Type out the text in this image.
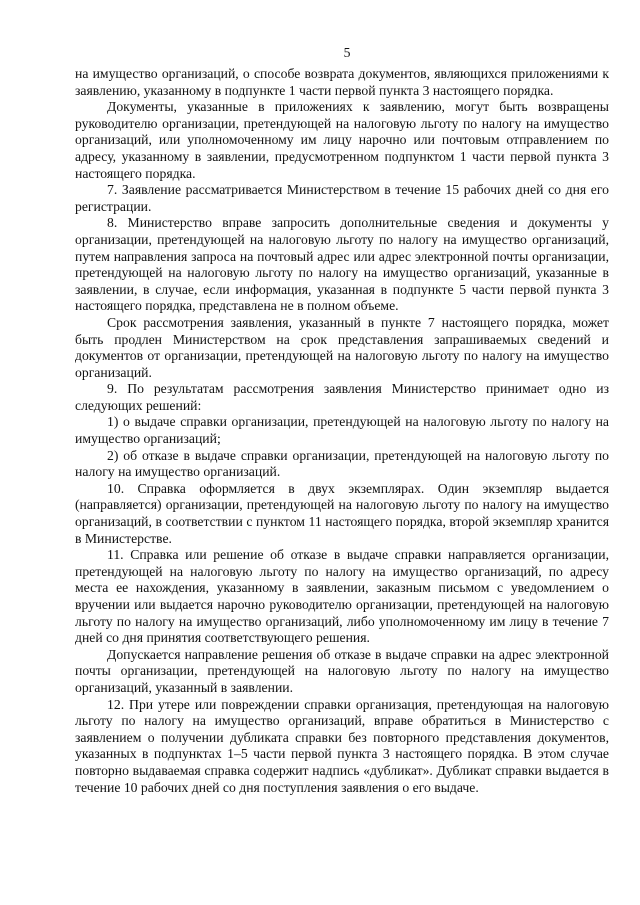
5

на имущество организаций, о способе возврата документов, являющихся приложениями к заявлению, указанному в подпункте 1 части первой пункта 3 настоящего порядка.

Документы, указанные в приложениях к заявлению, могут быть возвращены руководителю организации, претендующей на налоговую льготу по налогу на имущество организаций, или уполномоченному им лицу нарочно или почтовым отправлением по адресу, указанному в заявлении, предусмотренном подпунктом 1 части первой пункта 3 настоящего порядка.

7. Заявление рассматривается Министерством в течение 15 рабочих дней со дня его регистрации.

8. Министерство вправе запросить дополнительные сведения и документы у организации, претендующей на налоговую льготу по налогу на имущество организаций, путем направления запроса на почтовый адрес или адрес электронной почты организации, претендующей на налоговую льготу по налогу на имущество организаций, указанные в заявлении, в случае, если информация, указанная в подпункте 5 части первой пункта 3 настоящего порядка, представлена не в полном объеме.

Срок рассмотрения заявления, указанный в пункте 7 настоящего порядка, может быть продлен Министерством на срок представления запрашиваемых сведений и документов от организации, претендующей на налоговую льготу по налогу на имущество организаций.

9. По результатам рассмотрения заявления Министерство принимает одно из следующих решений:

1) о выдаче справки организации, претендующей на налоговую льготу по налогу на имущество организаций;

2) об отказе в выдаче справки организации, претендующей на налоговую льготу по налогу на имущество организаций.

10. Справка оформляется в двух экземплярах. Один экземпляр выдается (направляется) организации, претендующей на налоговую льготу по налогу на имущество организаций, в соответствии с пунктом 11 настоящего порядка, второй экземпляр хранится в Министерстве.

11. Справка или решение об отказе в выдаче справки направляется организации, претендующей на налоговую льготу по налогу на имущество организаций, по адресу места ее нахождения, указанному в заявлении, заказным письмом с уведомлением о вручении или выдается нарочно руководителю организации, претендующей на налоговую льготу по налогу на имущество организаций, либо уполномоченному им лицу в течение 7 дней со дня принятия соответствующего решения.

Допускается направление решения об отказе в выдаче справки на адрес электронной почты организации, претендующей на налоговую льготу по налогу на имущество организаций, указанный в заявлении.

12. При утере или повреждении справки организация, претендующая на налоговую льготу по налогу на имущество организаций, вправе обратиться в Министерство с заявлением о получении дубликата справки без повторного представления документов, указанных в подпунктах 1–5 части первой пункта 3 настоящего порядка. В этом случае повторно выдаваемая справка содержит надпись «дубликат». Дубликат справки выдается в течение 10 рабочих дней со дня поступления заявления о его выдаче.
